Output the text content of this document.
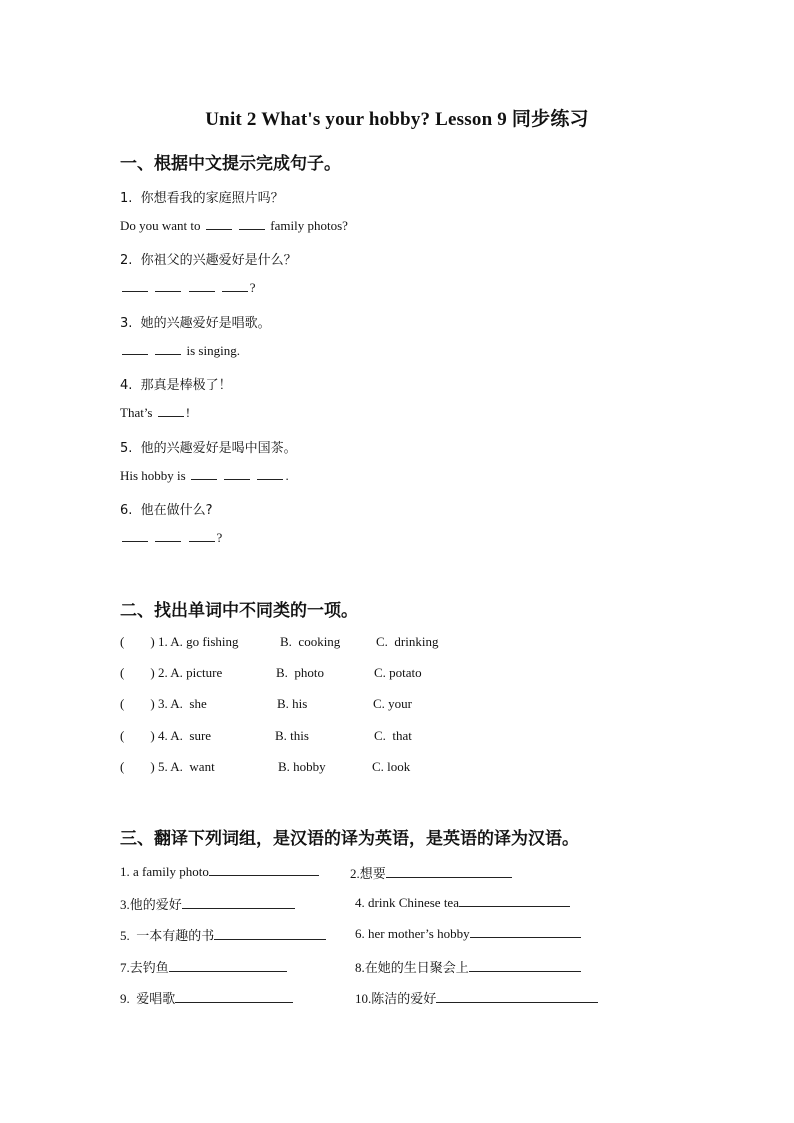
Unit 2 What's your hobby? Lesson 9 同步练习
一、根据中文提示完成句子。
1.  你想看我的家庭照片吗？
Do you want to	family photos?
2.  你祖父的兴趣爱好是什么？
?
3.  她的兴趣爱好是唱歌。
is singing.
4.  那真是棒极了！
That’s !
5.  他的兴趣爱好是喝中国茶。
His hobby is	.
6.  他在做什么?
?
二、找出单词中不同类的一项。
(        ) 1. A. go fishing	B.  cooking	C.  drinking
(        ) 2. A. picture	B.  photo	C. potato
(        ) 3. A.  she	B. his	C. your
(        ) 4. A.  sure	B. this	C.  that
(        ) 5. A.  want	B. hobby	C. look
三、翻译下列词组，是汉语的译为英语，是英语的译为汉语。
1. a family photo	2.想要
3.他的爱好	4. drink Chinese tea
5.  一本有趣的书	6. her mother’s hobby
7.去钓鱼	8.在她的生日聚会上
9.  爱唱歌	10.陈洁的爱好
